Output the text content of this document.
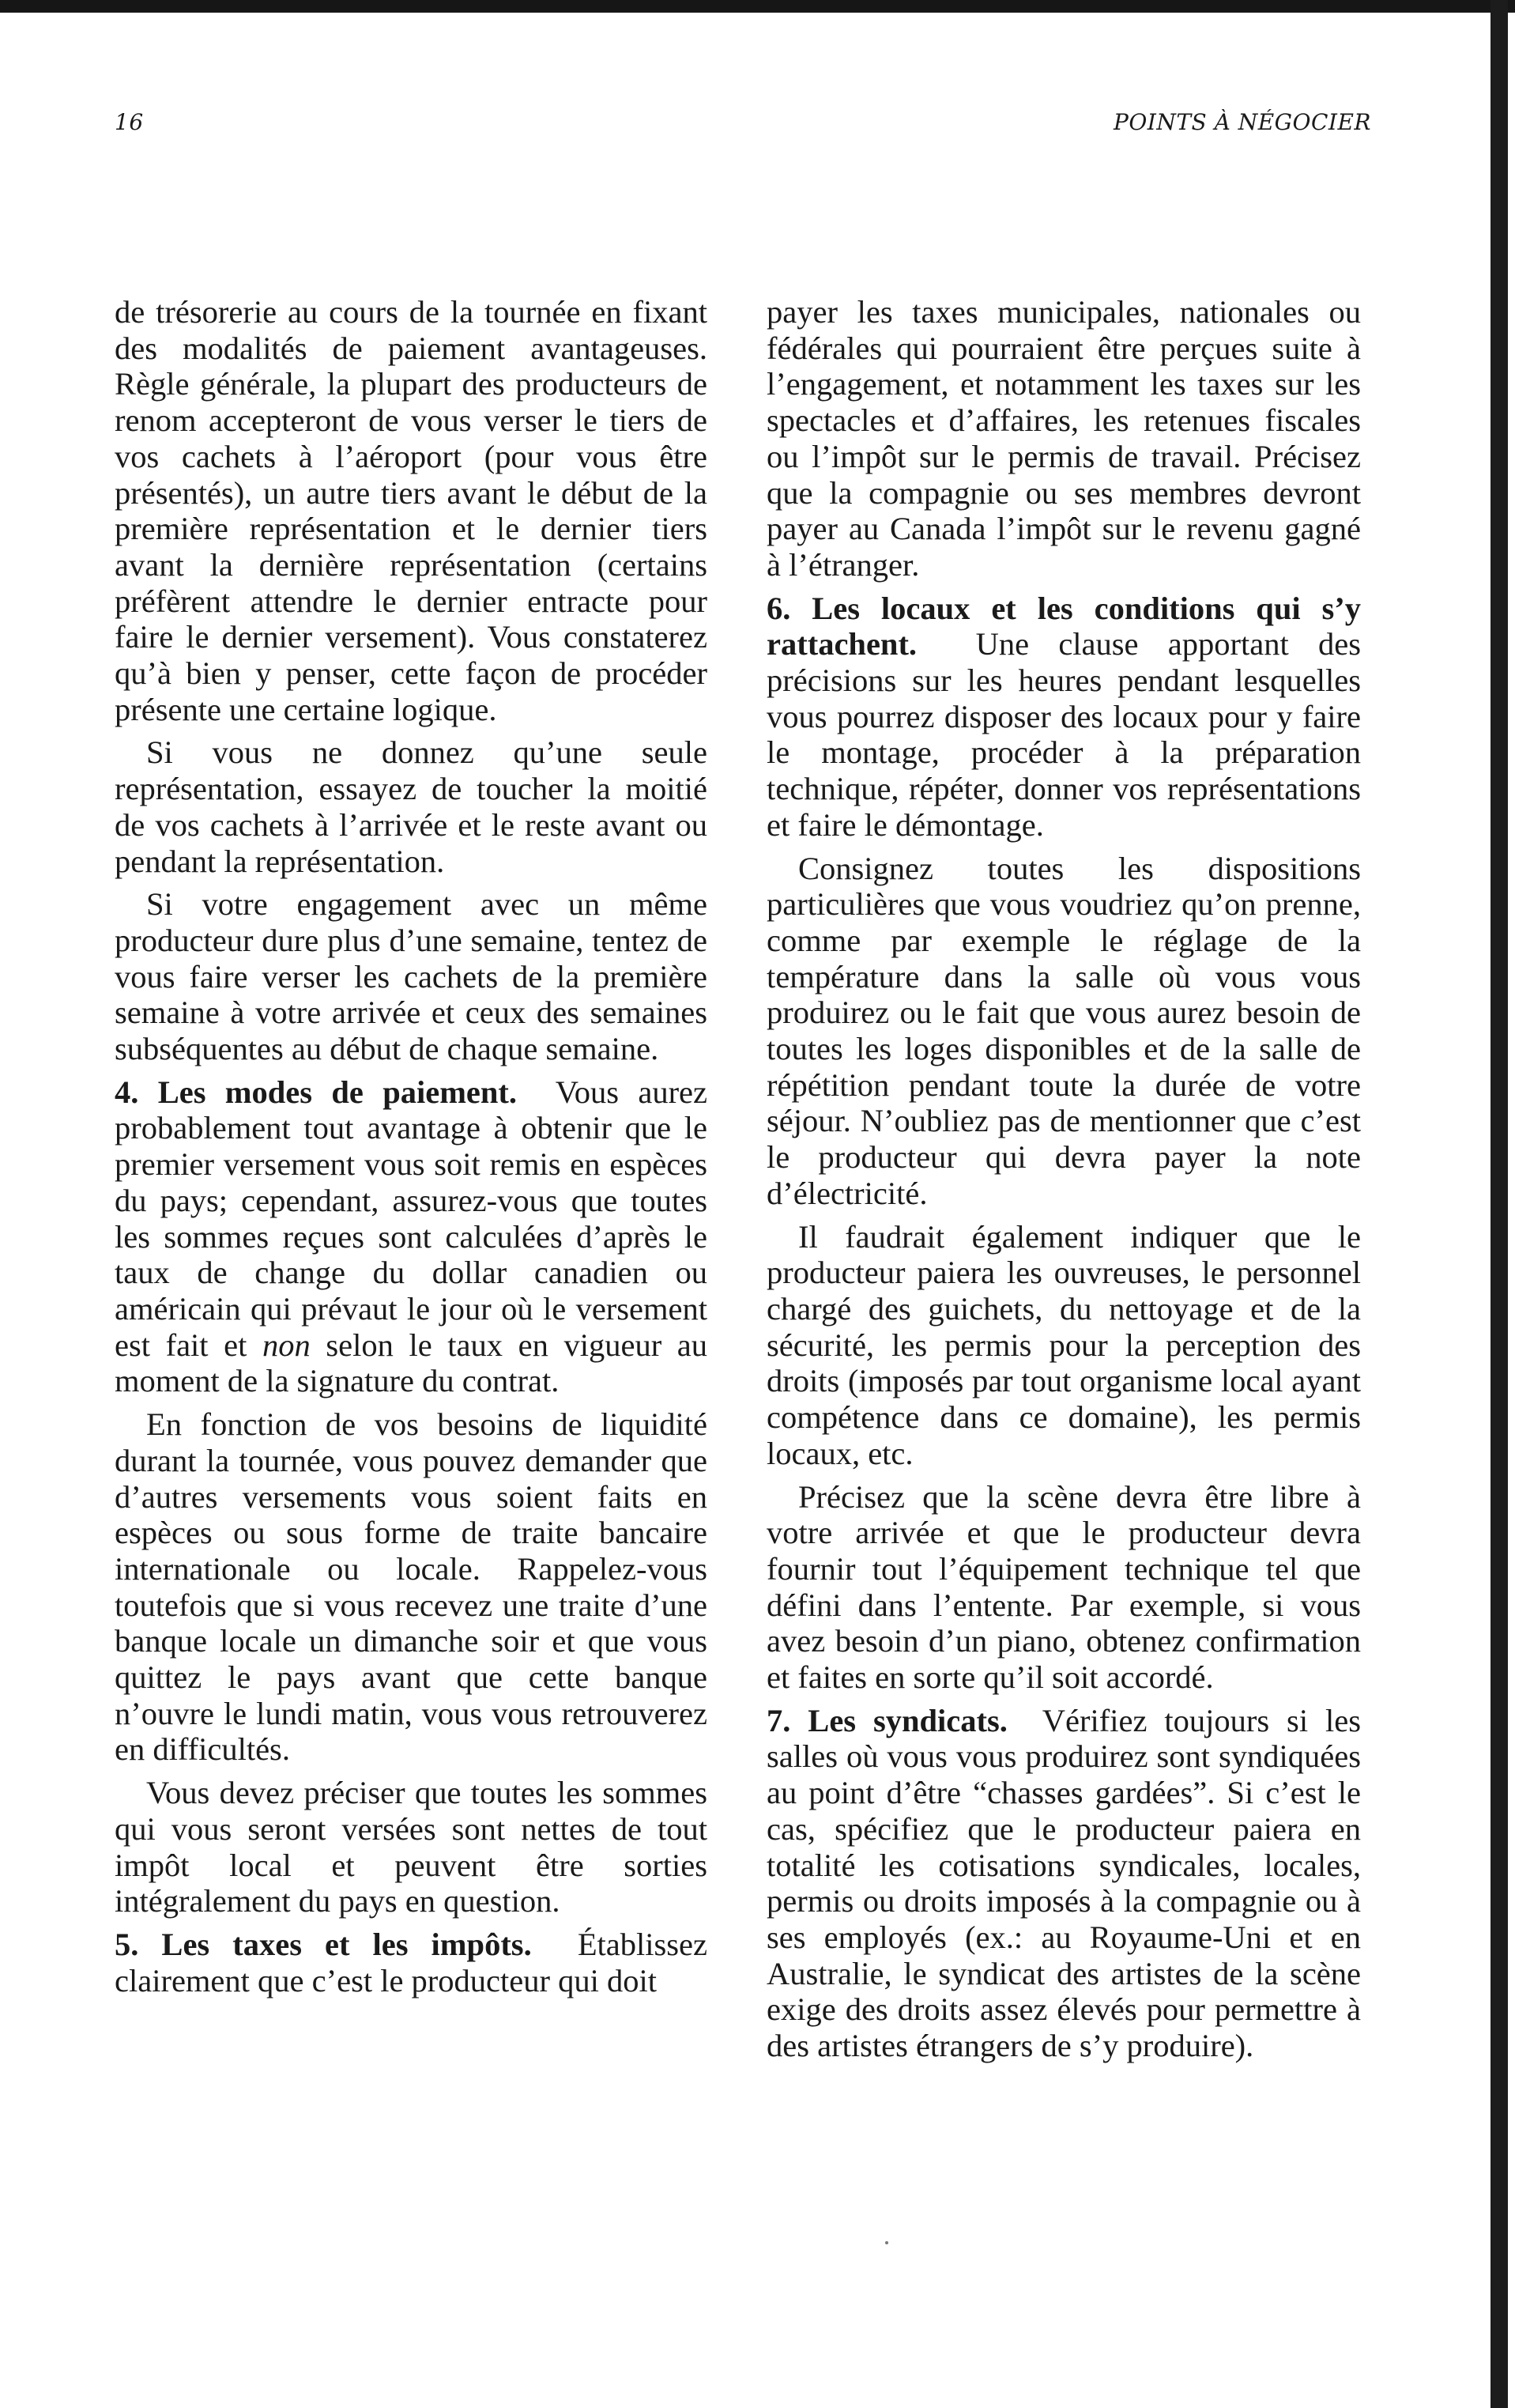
16	POINTS À NÉGOCIER

de trésorerie au cours de la tournée en fixant des modalités de paiement avantageuses. Règle générale, la plupart des producteurs de renom accepteront de vous verser le tiers de vos cachets à l’aéroport (pour vous être présentés), un autre tiers avant le début de la première représentation et le dernier tiers avant la dernière représentation (certains préfèrent attendre le dernier entracte pour faire le dernier versement). Vous constaterez qu’à bien y penser, cette façon de procéder présente une certaine logique.

Si vous ne donnez qu’une seule représentation, essayez de toucher la moitié de vos cachets à l’arrivée et le reste avant ou pendant la représentation.

Si votre engagement avec un même producteur dure plus d’une semaine, tentez de vous faire verser les cachets de la première semaine à votre arrivée et ceux des semaines subséquentes au début de chaque semaine.

4. Les modes de paiement. Vous aurez probablement tout avantage à obtenir que le premier versement vous soit remis en espèces du pays; cependant, assurez-vous que toutes les sommes reçues sont calculées d’après le taux de change du dollar canadien ou américain qui prévaut le jour où le versement est fait et non selon le taux en vigueur au moment de la signature du contrat.

En fonction de vos besoins de liquidité durant la tournée, vous pouvez demander que d’autres versements vous soient faits en espèces ou sous forme de traite bancaire internationale ou locale. Rappelez-vous toutefois que si vous recevez une traite d’une banque locale un dimanche soir et que vous quittez le pays avant que cette banque n’ouvre le lundi matin, vous vous retrouverez en difficultés.

Vous devez préciser que toutes les sommes qui vous seront versées sont nettes de tout impôt local et peuvent être sorties intégralement du pays en question.

5. Les taxes et les impôts. Établissez clairement que c’est le producteur qui doit

payer les taxes municipales, nationales ou fédérales qui pourraient être perçues suite à l’engagement, et notamment les taxes sur les spectacles et d’affaires, les retenues fiscales ou l’impôt sur le permis de travail. Précisez que la compagnie ou ses membres devront payer au Canada l’impôt sur le revenu gagné à l’étranger.

6. Les locaux et les conditions qui s’y rattachent. Une clause apportant des précisions sur les heures pendant lesquelles vous pourrez disposer des locaux pour y faire le montage, procéder à la préparation technique, répéter, donner vos représentations et faire le démontage.

Consignez toutes les dispositions particulières que vous voudriez qu’on prenne, comme par exemple le réglage de la température dans la salle où vous vous produirez ou le fait que vous aurez besoin de toutes les loges disponibles et de la salle de répétition pendant toute la durée de votre séjour. N’oubliez pas de mentionner que c’est le producteur qui devra payer la note d’électricité.

Il faudrait également indiquer que le producteur paiera les ouvreuses, le personnel chargé des guichets, du nettoyage et de la sécurité, les permis pour la perception des droits (imposés par tout organisme local ayant compétence dans ce domaine), les permis locaux, etc.

Précisez que la scène devra être libre à votre arrivée et que le producteur devra fournir tout l’équipement technique tel que défini dans l’entente. Par exemple, si vous avez besoin d’un piano, obtenez confirmation et faites en sorte qu’il soit accordé.

7. Les syndicats. Vérifiez toujours si les salles où vous vous produirez sont syndiquées au point d’être “chasses gardées”. Si c’est le cas, spécifiez que le producteur paiera en totalité les cotisations syndicales, locales, permis ou droits imposés à la compagnie ou à ses employés (ex.: au Royaume-Uni et en Australie, le syndicat des artistes de la scène exige des droits assez élevés pour permettre à des artistes étrangers de s’y produire).
